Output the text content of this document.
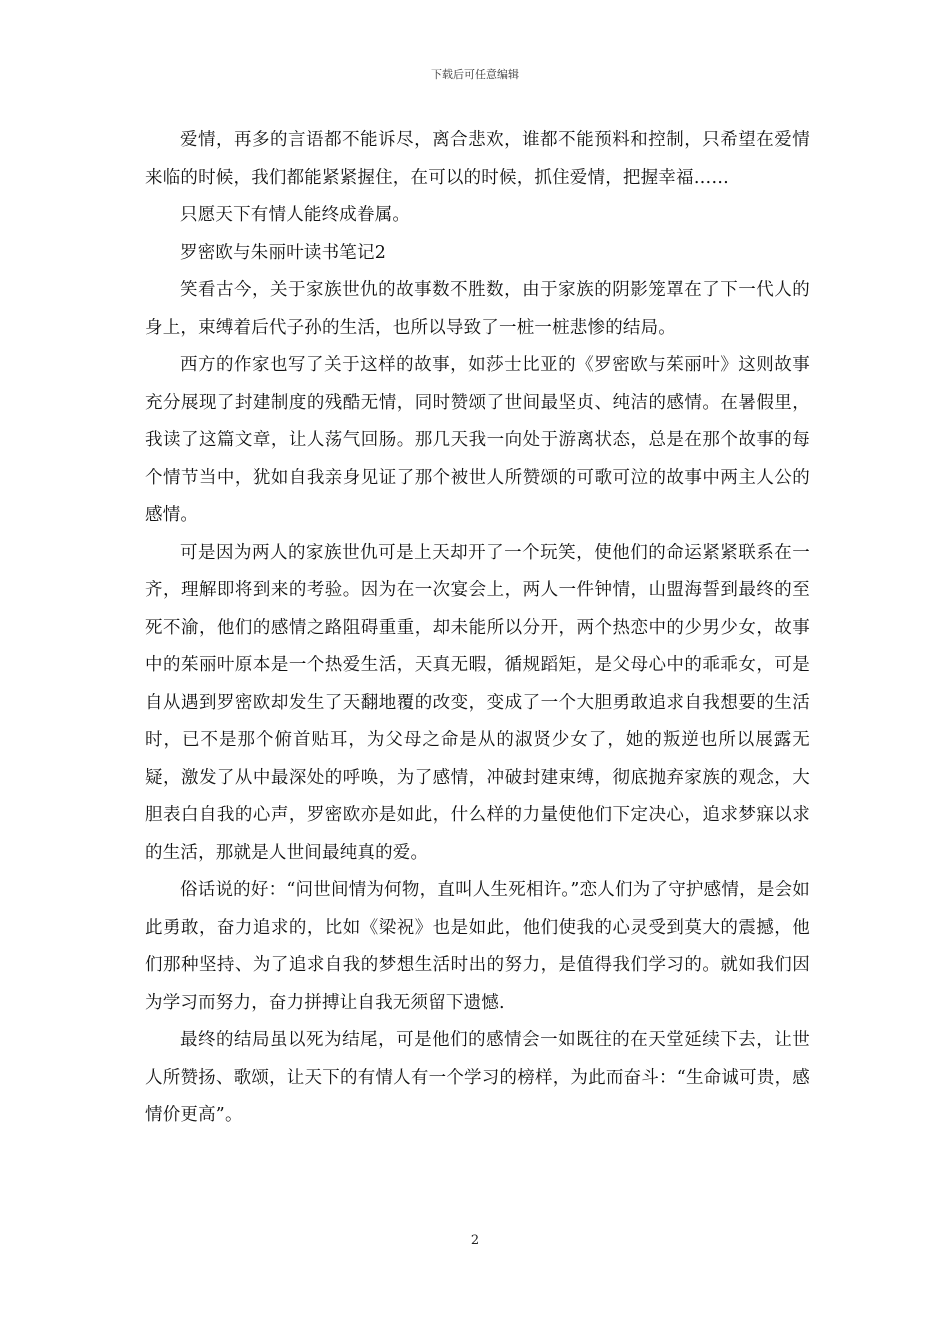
下载后可任意编辑

爱情，再多的言语都不能诉尽，离合悲欢，谁都不能预料和控制，只希望在爱情来临的时候，我们都能紧紧握住，在可以的时候，抓住爱情，把握幸福……

只愿天下有情人能终成眷属。

罗密欧与朱丽叶读书笔记2

笑看古今，关于家族世仇的故事数不胜数，由于家族的阴影笼罩在了下一代人的身上，束缚着后代子孙的生活，也所以导致了一桩一桩悲惨的结局。

西方的作家也写了关于这样的故事，如莎士比亚的《罗密欧与茱丽叶》这则故事充分展现了封建制度的残酷无情，同时赞颂了世间最坚贞、纯洁的感情。在暑假里，我读了这篇文章，让人荡气回肠。那几天我一向处于游离状态，总是在那个故事的每个情节当中，犹如自我亲身见证了那个被世人所赞颂的可歌可泣的故事中两主人公的感情。

可是因为两人的家族世仇可是上天却开了一个玩笑，使他们的命运紧紧联系在一齐，理解即将到来的考验。因为在一次宴会上，两人一件钟情，山盟海誓到最终的至死不渝，他们的感情之路阻碍重重，却未能所以分开，两个热恋中的少男少女，故事中的茱丽叶原本是一个热爱生活，天真无暇，循规蹈矩，是父母心中的乖乖女，可是自从遇到罗密欧却发生了天翻地覆的改变，变成了一个大胆勇敢追求自我想要的生活时，已不是那个俯首贴耳，为父母之命是从的淑贤少女了，她的叛逆也所以展露无疑，激发了从中最深处的呼唤，为了感情，冲破封建束缚，彻底抛弃家族的观念，大胆表白自我的心声，罗密欧亦是如此，什么样的力量使他们下定决心，追求梦寐以求的生活，那就是人世间最纯真的爱。

俗话说的好：“问世间情为何物，直叫人生死相许。”恋人们为了守护感情，是会如此勇敢，奋力追求的，比如《梁祝》也是如此，他们使我的心灵受到莫大的震撼，他们那种坚持、为了追求自我的梦想生活时出的努力，是值得我们学习的。就如我们因为学习而努力，奋力拼搏让自我无须留下遗憾.

最终的结局虽以死为结尾，可是他们的感情会一如既往的在天堂延续下去，让世人所赞扬、歌颂，让天下的有情人有一个学习的榜样，为此而奋斗：“生命诚可贵，感情价更高”。

2
